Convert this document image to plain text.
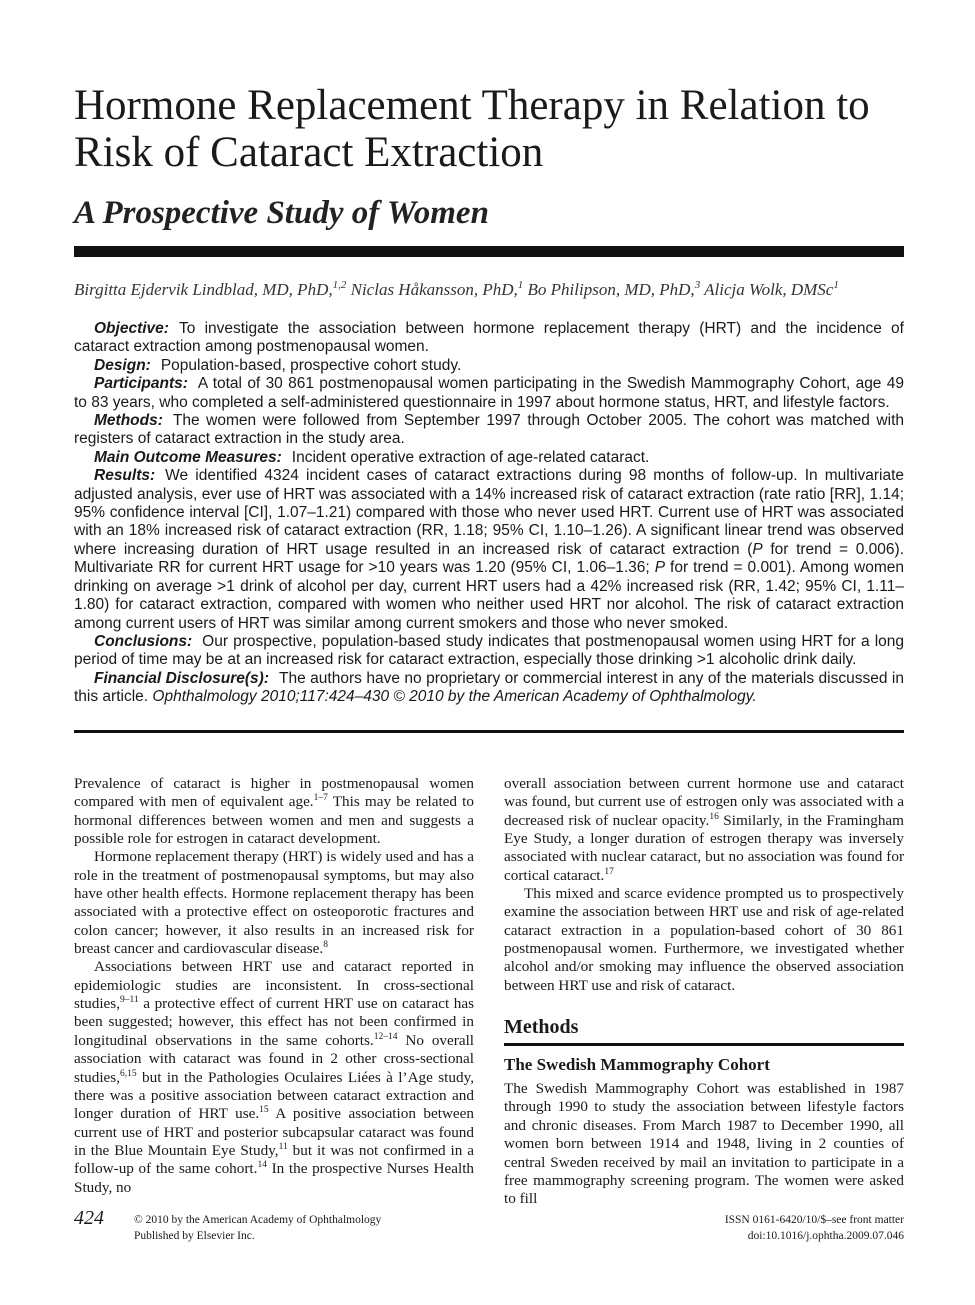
Hormone Replacement Therapy in Relation to Risk of Cataract Extraction
A Prospective Study of Women
Birgitta Ejdervik Lindblad, MD, PhD,$^{1,2}$ Niclas Håkansson, PhD,$^1$ Bo Philipson, MD, PhD,$^3$ Alicja Wolk, DMSc$^1$

Objective: To investigate the association between hormone replacement therapy (HRT) and the incidence of cataract extraction among postmenopausal women.

Design: Population-based, prospective cohort study.

Participants: A total of 30 861 postmenopausal women participating in the Swedish Mammography Cohort, age 49 to 83 years, who completed a self-administered questionnaire in 1997 about hormone status, HRT, and lifestyle factors.

Methods: The women were followed from September 1997 through October 2005. The cohort was matched with registers of cataract extraction in the study area.

Main Outcome Measures: Incident operative extraction of age-related cataract.

Results: We identified 4324 incident cases of cataract extractions during 98 months of follow-up. In multivariate adjusted analysis, ever use of HRT was associated with a 14% increased risk of cataract extraction (rate ratio [RR], 1.14; 95% confidence interval [CI], 1.07–1.21) compared with those who never used HRT. Current use of HRT was associated with an 18% increased risk of cataract extraction (RR, 1.18; 95% CI, 1.10–1.26). A significant linear trend was observed where increasing duration of HRT usage resulted in an increased risk of cataract extraction (P for trend = 0.006). Multivariate RR for current HRT usage for >10 years was 1.20 (95% CI, 1.06–1.36; P for trend = 0.001). Among women drinking on average >1 drink of alcohol per day, current HRT users had a 42% increased risk (RR, 1.42; 95% CI, 1.11–1.80) for cataract extraction, compared with women who neither used HRT nor alcohol. The risk of cataract extraction among current users of HRT was similar among current smokers and those who never smoked.

Conclusions: Our prospective, population-based study indicates that postmenopausal women using HRT for a long period of time may be at an increased risk for cataract extraction, especially those drinking >1 alcoholic drink daily.

Financial Disclosure(s): The authors have no proprietary or commercial interest in any of the materials discussed in this article. Ophthalmology 2010;117:424–430 © 2010 by the American Academy of Ophthalmology.

Prevalence of cataract is higher in postmenopausal women compared with men of equivalent age.$^{1-7}$ This may be related to hormonal differences between women and men and suggests a possible role for estrogen in cataract development.

Hormone replacement therapy (HRT) is widely used and has a role in the treatment of postmenopausal symptoms, but may also have other health effects. Hormone replacement therapy has been associated with a protective effect on osteoporotic fractures and colon cancer; however, it also results in an increased risk for breast cancer and cardiovascular disease.$^8$

Associations between HRT use and cataract reported in epidemiologic studies are inconsistent. In cross-sectional studies,$^{9-11}$ a protective effect of current HRT use on cataract has been suggested; however, this effect has not been confirmed in longitudinal observations in the same cohorts.$^{12-14}$ No overall association with cataract was found in 2 other cross-sectional studies,$^{6,15}$ but in the Pathologies Oculaires Liées à l’Age study, there was a positive association between cataract extraction and longer duration of HRT use.$^{15}$ A positive association between current use of HRT and posterior subcapsular cataract was found in the Blue Mountain Eye Study,$^{11}$ but it was not confirmed in a follow-up of the same cohort.$^{14}$ In the prospective Nurses Health Study, no

overall association between current hormone use and cataract was found, but current use of estrogen only was associated with a decreased risk of nuclear opacity.$^{16}$ Similarly, in the Framingham Eye Study, a longer duration of estrogen therapy was inversely associated with nuclear cataract, but no association was found for cortical cataract.$^{17}$

This mixed and scarce evidence prompted us to prospectively examine the association between HRT use and risk of age-related cataract extraction in a population-based cohort of 30 861 postmenopausal women. Furthermore, we investigated whether alcohol and/or smoking may influence the observed association between HRT use and risk of cataract.

Methods
The Swedish Mammography Cohort

The Swedish Mammography Cohort was established in 1987 through 1990 to study the association between lifestyle factors and chronic diseases. From March 1987 to December 1990, all women born between 1914 and 1948, living in 2 counties of central Sweden received by mail an invitation to participate in a free mammography screening program. The women were asked to fill

424	© 2010 by the American Academy of Ophthalmology
Published by Elsevier Inc.
ISSN 0161-6420/10/$–see front matter
doi:10.1016/j.ophtha.2009.07.046
